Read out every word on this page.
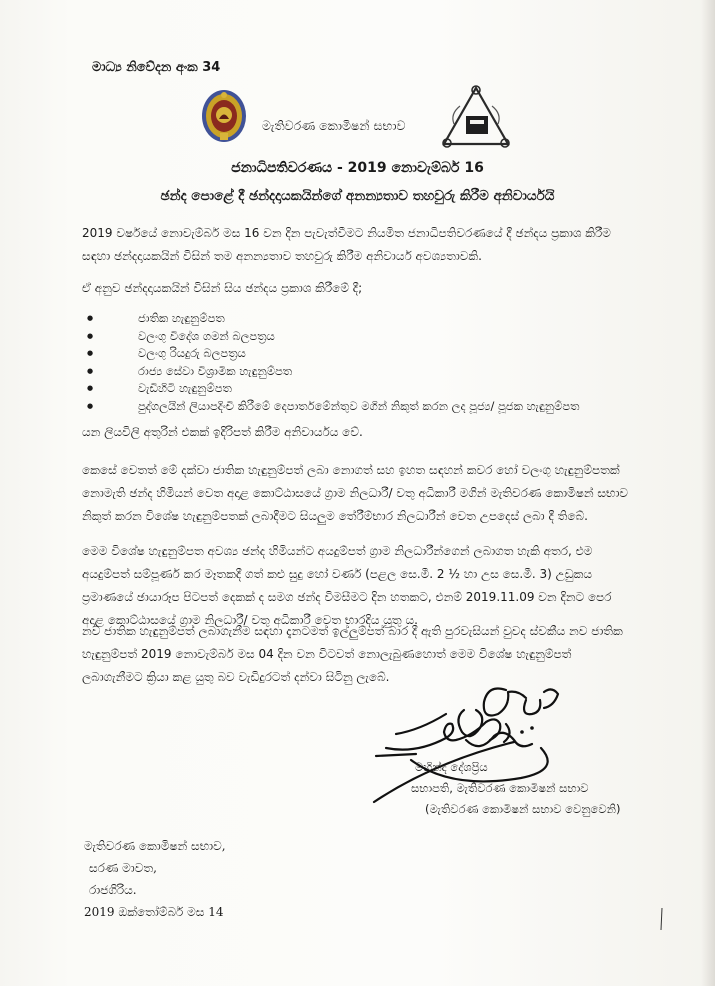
මාධ්‍ය නිවේදන අංක 34
මැතිවරණ කොමිෂන් සභාව
ජනාධිපතිවරණය - 2019 නොවැම්බර් 16
ඡන්ද පොළේ දී ඡන්දදායකයින්ගේ අනන්‍යතාව තහවුරු කිරීම අනිවාර්යයි

2019 වර්ෂයේ නොවැම්බර් මස 16 වන දින පැවැත්වීමට නියමිත ජනාධිපතිවරණයේ දී ඡන්දය ප්‍රකාශ කිරීම සඳහා ඡන්දදායකයින් විසින් තම අනන්‍යතාව තහවුරු කිරීම අනිවාර්ය අවශ්‍යතාවකි.

ඒ අනුව ඡන්දදායකයින් විසින් සිය ඡන්දය ප්‍රකාශ කිරීමේ දී;

● ජාතික හැඳුනුම්පත
● වලංගු විදේශ ගමන් බලපත්‍රය
● වලංගු රියදුරු බලපත්‍රය
● රාජ්‍ය සේවා විශ්‍රාමික හැඳුනුම්පත
● වැඩිහිටි හැඳුනුම්පත
● පුද්ගලයින් ලියාපදිංචි කිරීමේ දෙපාර්තමේන්තුව මගින් නිකුත් කරන ලද පූජ්‍ය/ පූජක හැඳුනුම්පත

යන ලියවිලි අතුරින් එකක් ඉදිරිපත් කිරීම අනිවාර්යය වේ.

කෙසේ වෙතත් මේ දක්වා ජාතික හැඳුනුම්පත් ලබා නොගත් සහ ඉහත සඳහන් කවර හෝ වලංගු හැඳුනුම්පතක් නොමැති ඡන්ද හිමියන් වෙත අදාළ කොට්ඨාසයේ ග්‍රාම නිලධාරී/ වතු අධිකාරී මගින් මැතිවරණ කොමිෂන් සභාව නිකුත් කරන විශේෂ හැඳුනුම්පතක් ලබාදීමට සියලුම තේරීම්භාර නිලධාරීන් වෙත උපදෙස් ලබා දී තිබේ.

මෙම විශේෂ හැඳුනුම්පත අවශ්‍ය ඡන්ද හිමියන්ට අයදුම්පත් ග්‍රාම නිලධාරීන්ගෙන් ලබාගත හැකි අතර, එම අයදුම්පත් සම්පූර්ණ කර මෑතකදී ගත් කළු සුදු හෝ වර්ණ (පළල සෙ.මී. 2 ½ හා උස සෙ.මී. 3) උඩුකය ප්‍රමාණයේ ඡායාරූප පිටපත් දෙකක් ද සමග ඡන්ද විමසීමට දින හතකට, එනම් 2019.11.09 වන දිනට පෙර අදාළ කොට්ඨාසයේ ග්‍රාම නිලධාරී/ වතු අධිකාරී වෙත භාරදිය යුතු ය.

නව ජාතික හැඳුනුම්පත් ලබාගැනීම සඳහා දැනටමත් ඉල්ලුම්පත් බාර දී ඇති පුරවැසියන් වුවද ස්වකීය නව ජාතික හැඳුනුම්පත් 2019 නොවැම්බර් මස 04 දින වන විටවත් නොලැබුණහොත් මෙම විශේෂ හැඳුනුම්පත් ලබාගැනීමට ක්‍රියා කළ යුතු බව වැඩිදුරටත් දන්වා සිටිනු ලැබේ.

මහින්ද දේශප්‍රිය
සභාපති, මැතිවරණ කොමිෂන් සභාව
(මැතිවරණ කොමිෂන් සභාව වෙනුවෙනි)
මැතිවරණ කොමිෂන් සභාව,
සරණ මාවත,
රාජගිරිය.
2019 ඔක්තෝම්බර් මස 14
